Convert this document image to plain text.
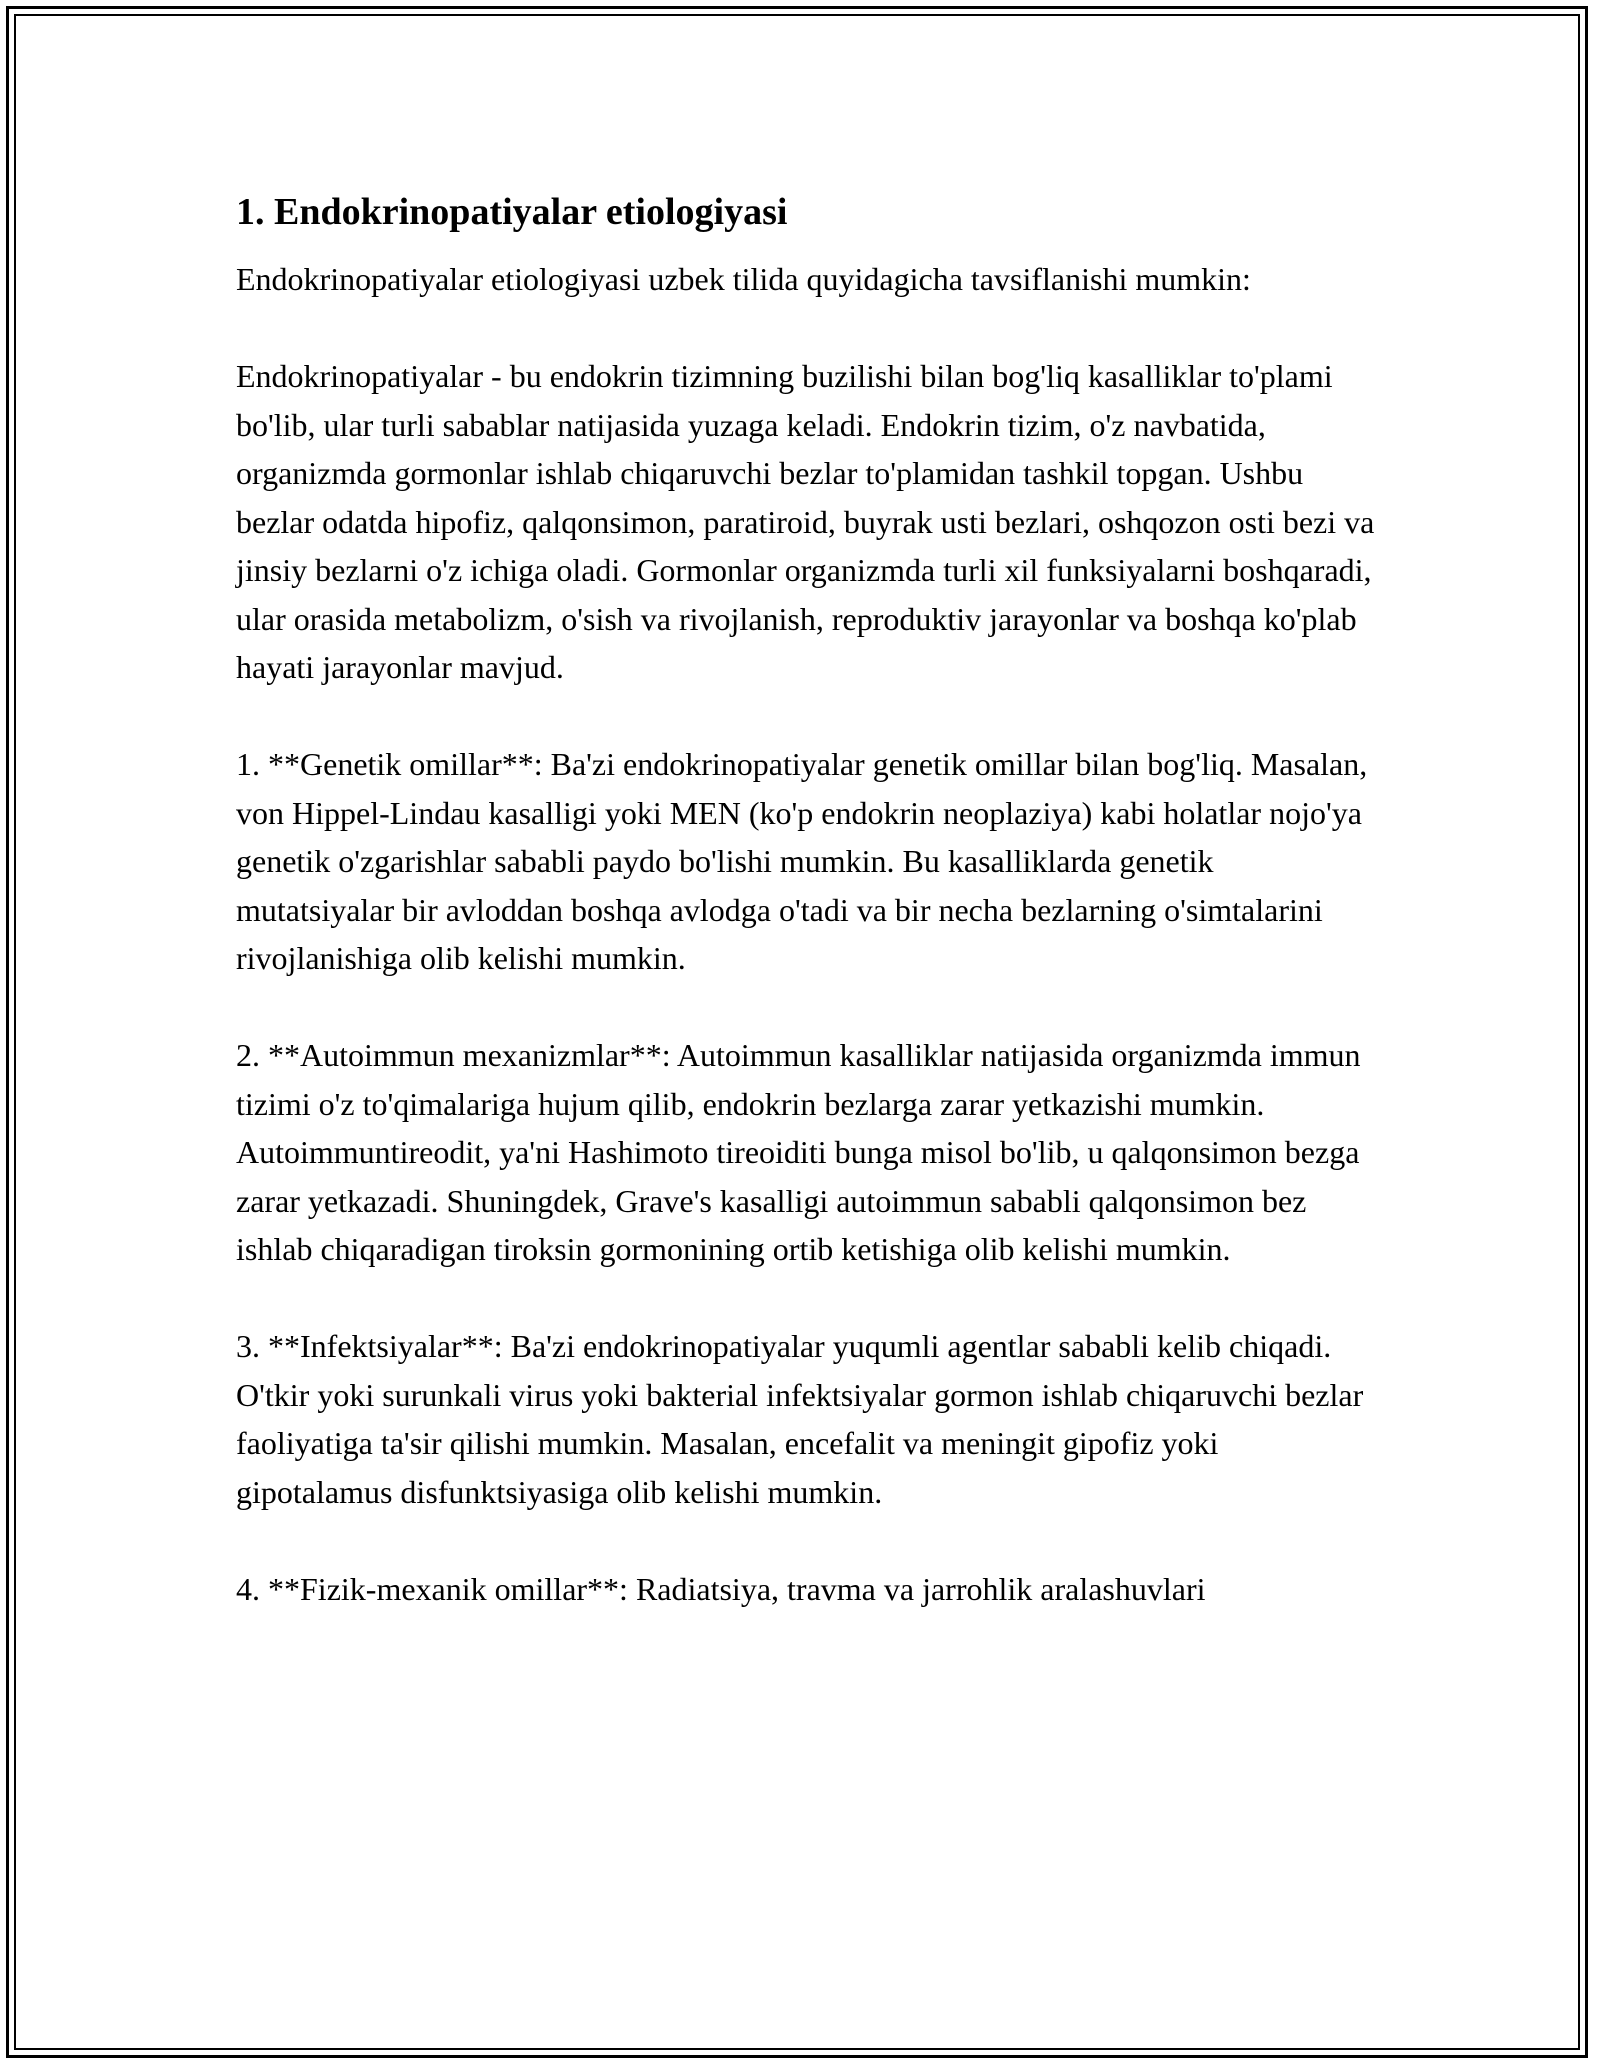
1. Endokrinopatiyalar etiologiyasi

Endokrinopatiyalar etiologiyasi uzbek tilida quyidagicha tavsiflanishi mumkin:

Endokrinopatiyalar - bu endokrin tizimning buzilishi bilan bog'liq kasalliklar to'plami bo'lib, ular turli sabablar natijasida yuzaga keladi. Endokrin tizim, o'z navbatida, organizmda gormonlar ishlab chiqaruvchi bezlar to'plamidan tashkil topgan. Ushbu bezlar odatda hipofiz, qalqonsimon, paratiroid, buyrak usti bezlari, oshqozon osti bezi va jinsiy bezlarni o'z ichiga oladi. Gormonlar organizmda turli xil funksiyalarni boshqaradi, ular orasida metabolizm, o'sish va rivojlanish, reproduktiv jarayonlar va boshqa ko'plab hayati jarayonlar mavjud.

1. **Genetik omillar**: Ba'zi endokrinopatiyalar genetik omillar bilan bog'liq. Masalan, von Hippel-Lindau kasalligi yoki MEN (ko'p endokrin neoplaziya) kabi holatlar nojo'ya genetik o'zgarishlar sababli paydo bo'lishi mumkin. Bu kasalliklarda genetik mutatsiyalar bir avloddan boshqa avlodga o'tadi va bir necha bezlarning o'simtalarini rivojlanishiga olib kelishi mumkin.

2. **Autoimmun mexanizmlar**: Autoimmun kasalliklar natijasida organizmda immun tizimi o'z to'qimalariga hujum qilib, endokrin bezlarga zarar yetkazishi mumkin. Autoimmuntireodit, ya'ni Hashimoto tireoiditi bunga misol bo'lib, u qalqonsimon bezga zarar yetkazadi. Shuningdek, Grave's kasalligi autoimmun sababli qalqonsimon bez ishlab chiqaradigan tiroksin gormonining ortib ketishiga olib kelishi mumkin.

3. **Infektsiyalar**: Ba'zi endokrinopatiyalar yuqumli agentlar sababli kelib chiqadi. O'tkir yoki surunkali virus yoki bakterial infektsiyalar gormon ishlab chiqaruvchi bezlar faoliyatiga ta'sir qilishi mumkin. Masalan, encefalit va meningit gipofiz yoki gipotalamus disfunktsiyasiga olib kelishi mumkin.

4. **Fizik-mexanik omillar**: Radiatsiya, travma va jarrohlik aralashuvlari
